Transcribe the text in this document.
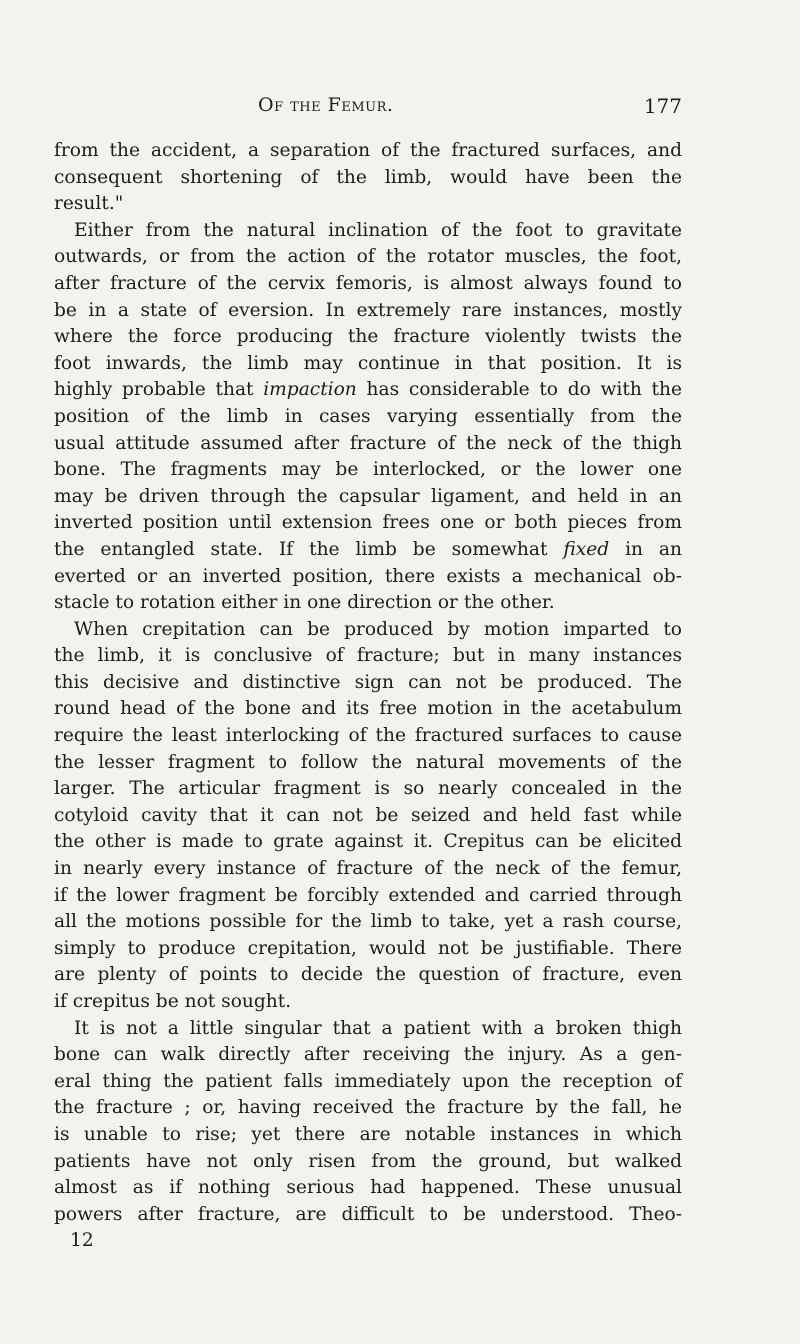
Of the Femur.	177
from the accident, a separation of the fractured surfaces, and
consequent shortening of the limb, would have been the
result."
Either from the natural inclination of the foot to gravitate
outwards, or from the action of the rotator muscles, the foot,
after fracture of the cervix femoris, is almost always found to
be in a state of eversion. In extremely rare instances, mostly
where the force producing the fracture violently twists the
foot inwards, the limb may continue in that position. It is
highly probable that impaction has considerable to do with the
position of the limb in cases varying essentially from the
usual attitude assumed after fracture of the neck of the thigh
bone. The fragments may be interlocked, or the lower one
may be driven through the capsular ligament, and held in an
inverted position until extension frees one or both pieces from
the entangled state. If the limb be somewhat fixed in an
everted or an inverted position, there exists a mechanical ob-
stacle to rotation either in one direction or the other.
When crepitation can be produced by motion imparted to
the limb, it is conclusive of fracture; but in many instances
this decisive and distinctive sign can not be produced. The
round head of the bone and its free motion in the acetabulum
require the least interlocking of the fractured surfaces to cause
the lesser fragment to follow the natural movements of the
larger. The articular fragment is so nearly concealed in the
cotyloid cavity that it can not be seized and held fast while
the other is made to grate against it. Crepitus can be elicited
in nearly every instance of fracture of the neck of the femur,
if the lower fragment be forcibly extended and carried through
all the motions possible for the limb to take, yet a rash course,
simply to produce crepitation, would not be justifiable. There
are plenty of points to decide the question of fracture, even
if crepitus be not sought.
It is not a little singular that a patient with a broken thigh
bone can walk directly after receiving the injury. As a gen-
eral thing the patient falls immediately upon the reception of
the fracture ; or, having received the fracture by the fall, he
is unable to rise; yet there are notable instances in which
patients have not only risen from the ground, but walked
almost as if nothing serious had happened. These unusual
powers after fracture, are difficult to be understood. Theo-
12
